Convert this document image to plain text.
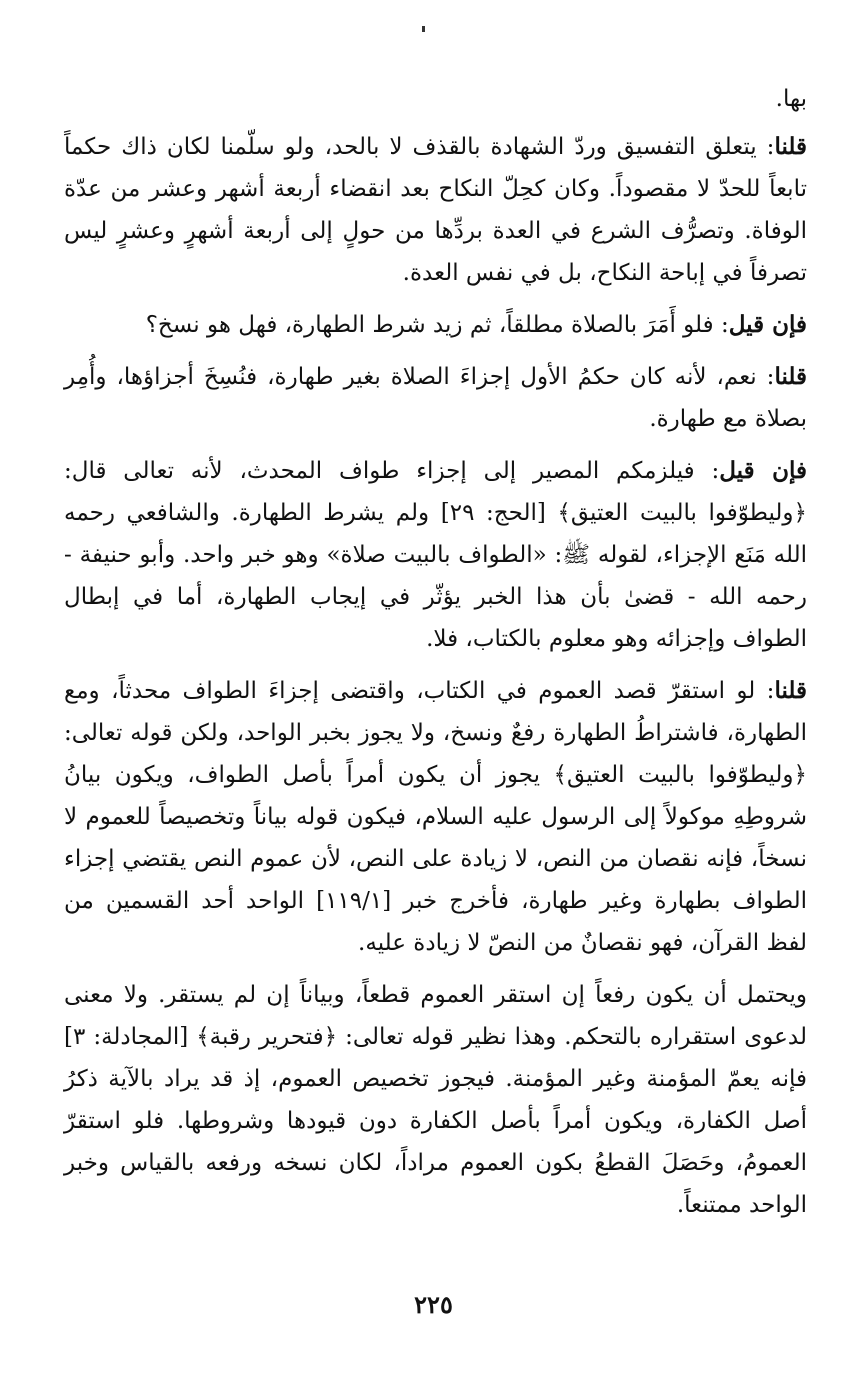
بها.

قلنا: يتعلق التفسيق وردّ الشهادة بالقذف لا بالحد، ولو سلّمنا لكان ذاك حكماً تابعاً للحدّ لا مقصوداً. وكان كحِلّ النكاح بعد انقضاء أربعة أشهر وعشر من عدّة الوفاة. وتصرُّف الشرع في العدة بردِّها من حولٍ إلى أربعة أشهرٍ وعشرٍ ليس تصرفاً في إباحة النكاح، بل في نفس العدة.

فإن قيل: فلو أَمَرَ بالصلاة مطلقاً، ثم زيد شرط الطهارة، فهل هو نسخ؟

قلنا: نعم، لأنه كان حكمُ الأول إجزاءَ الصلاة بغير طهارة، فنُسِخَ أجزاؤها، وأُمِر بصلاة مع طهارة.

فإن قيل: فيلزمكم المصير إلى إجزاء طواف المحدث، لأنه تعالى قال: ﴿وليطوّفوا بالبيت العتيق﴾ [الحج: ٢٩] ولم يشرط الطهارة. والشافعي رحمه الله مَنَع الإجزاء، لقوله ﷺ: «الطواف بالبيت صلاة» وهو خبر واحد. وأبو حنيفة - رحمه الله - قضىٰ بأن هذا الخبر يؤثّر في إيجاب الطهارة، أما في إبطال الطواف وإجزائه وهو معلوم بالكتاب، فلا.

قلنا: لو استقرّ قصد العموم في الكتاب، واقتضى إجزاءَ الطواف محدثاً، ومع الطهارة، فاشتراطُ الطهارة رفعٌ ونسخ، ولا يجوز بخبر الواحد، ولكن قوله تعالى: ﴿وليطوّفوا بالبيت العتيق﴾ يجوز أن يكون أمراً بأصل الطواف، ويكون بيانُ شروطِهِ موكولاً إلى الرسول عليه السلام، فيكون قوله بياناً وتخصيصاً للعموم لا نسخاً، فإنه نقصان من النص، لا زيادة على النص، لأن عموم النص يقتضي إجزاء الطواف بطهارة وغير طهارة، فأخرج خبر [١١٩/١] الواحد أحد القسمين من لفظ القرآن، فهو نقصانٌ من النصّ لا زيادة عليه.

ويحتمل أن يكون رفعاً إن استقر العموم قطعاً، وبياناً إن لم يستقر. ولا معنى لدعوى استقراره بالتحكم. وهذا نظير قوله تعالى: ﴿فتحرير رقبة﴾ [المجادلة: ٣] فإنه يعمّ المؤمنة وغير المؤمنة. فيجوز تخصيص العموم، إذ قد يراد بالآية ذكرُ أصل الكفارة، ويكون أمراً بأصل الكفارة دون قيودها وشروطها. فلو استقرّ العمومُ، وحَصَلَ القطعُ بكون العموم مراداً، لكان نسخه ورفعه بالقياس وخبر الواحد ممتنعاً.

٢٢٥
